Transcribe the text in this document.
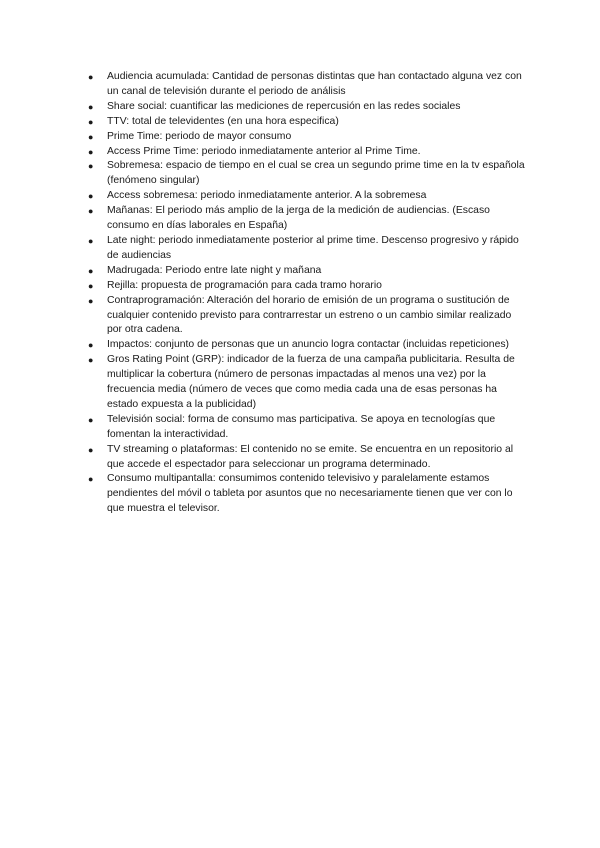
●	Audiencia acumulada: Cantidad de personas distintas que han contactado alguna vez con un canal de televisión durante el periodo de análisis
●	Share social: cuantificar las mediciones de repercusión en las redes sociales
●	TTV: total de televidentes (en una hora especifica)
●	Prime Time: periodo de mayor consumo
●	Access Prime Time: periodo inmediatamente anterior al Prime Time.
●	Sobremesa: espacio de tiempo en el cual se crea un segundo prime time en la tv española (fenómeno singular)
●	Access sobremesa: periodo inmediatamente anterior. A la sobremesa
●	Mañanas: El periodo más amplio de la jerga de la medición de audiencias. (Escaso consumo en días laborales en España)
●	Late night: periodo inmediatamente posterior al prime time. Descenso progresivo y rápido de audiencias
●	Madrugada: Periodo entre late night y mañana
●	Rejilla: propuesta de programación para cada tramo horario
●	Contraprogramación: Alteración del horario de emisión de un programa o sustitución de cualquier contenido previsto para contrarrestar un estreno o un cambio similar realizado por otra cadena.
●	Impactos: conjunto de personas que un anuncio logra contactar (incluidas repeticiones)
●	Gros Rating Point (GRP): indicador de la fuerza de una campaña publicitaria. Resulta de multiplicar la cobertura (número de personas impactadas al menos una vez) por la frecuencia media (número de veces que como media cada una de esas personas ha estado expuesta a la publicidad)
●	Televisión social: forma de consumo mas participativa. Se apoya en tecnologías que fomentan la interactividad.
●	TV streaming o plataformas: El contenido no se emite. Se encuentra en un repositorio al que accede el espectador para seleccionar un programa determinado.
●	Consumo multipantalla: consumimos contenido televisivo y paralelamente estamos pendientes del móvil o tableta por asuntos que no necesariamente tienen que ver con lo que muestra el televisor.
